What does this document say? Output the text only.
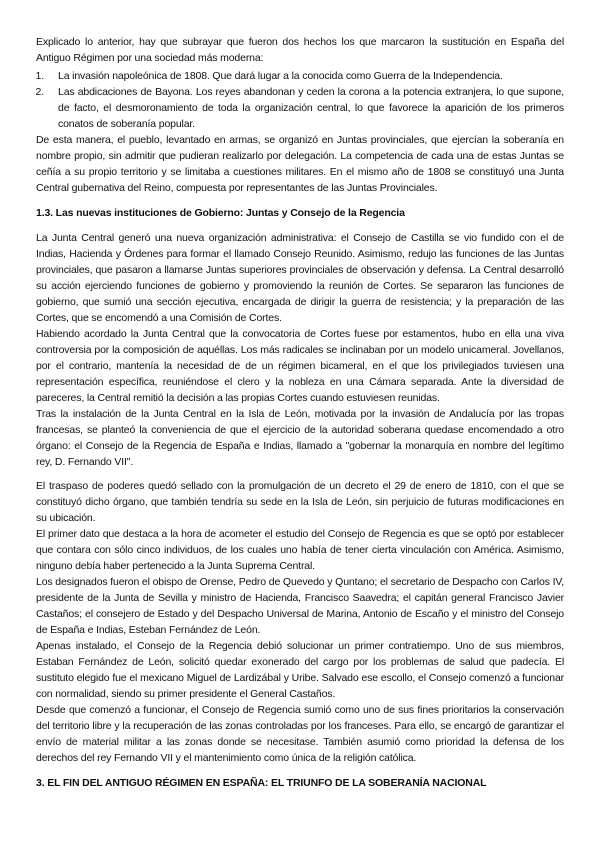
Explicado lo anterior, hay que subrayar que fueron dos hechos los que marcaron la sustitución en España del Antiguo Régimen por una sociedad más moderna:

1.	La invasión napoleónica de 1808. Que dará lugar a la conocida como Guerra de la Independencia.
2.	Las abdicaciones de Bayona. Los reyes abandonan y ceden la corona a la potencia extranjera, lo que supone, de facto, el desmoronamiento de toda la organización central, lo que favorece la aparición de los primeros conatos de soberanía popular.

De esta manera, el pueblo, levantado en armas, se organizó en Juntas provinciales, que ejercían la soberanía en nombre propio, sin admitir que pudieran realizarlo por delegación. La competencia de cada una de estas Juntas se ceñía a su propio territorio y se limitaba a cuestiones militares. En el mismo año de 1808 se constituyó una Junta Central gubernativa del Reino, compuesta por representantes de las Juntas Provinciales.

1.3. Las nuevas instituciones de Gobierno: Juntas y Consejo de la Regencia

La Junta Central generó una nueva organización administrativa: el Consejo de Castilla se vio fundido con el de Indias, Hacienda y Órdenes para formar el llamado Consejo Reunido. Asimismo, redujo las funciones de las Juntas provinciales, que pasaron a llamarse Juntas superiores provinciales de observación y defensa. La Central desarrolló su acción ejerciendo funciones de gobierno y promoviendo la reunión de Cortes. Se separaron las funciones de gobierno, que sumió una sección ejecutiva, encargada de dirigir la guerra de resistencia; y la preparación de las Cortes, que se encomendó a una Comisión de Cortes.

Habiendo acordado la Junta Central que la convocatoria de Cortes fuese por estamentos, hubo en ella una viva controversia por la composición de aquéllas. Los más radicales se inclinaban por un modelo unicameral. Jovellanos, por el contrario, mantenía la necesidad de de un régimen bicameral, en el que los privilegiados tuviesen una representación específica, reuniéndose el clero y la nobleza en una Cámara separada. Ante la diversidad de pareceres, la Central remitió la decisión a las propias Cortes cuando estuviesen reunidas.

Tras la instalación de la Junta Central en la Isla de León, motivada por la invasión de Andalucía por las tropas francesas, se planteó la conveniencia de que el ejercicio de la autoridad soberana quedase encomendado a otro órgano: el Consejo de la Regencia de España e Indias, llamado a "gobernar la monarquía en nombre del legítimo rey, D. Fernando VII".

El traspaso de poderes quedó sellado con la promulgación de un decreto el 29 de enero de 1810, con el que se constituyó dicho órgano, que también tendría su sede en la Isla de León, sin perjuicio de futuras modificaciones en su ubicación.

El primer dato que destaca a la hora de acometer el estudio del Consejo de Regencia es que se optó por establecer que contara con sólo cinco individuos, de los cuales uno había de tener cierta vinculación con América. Asimismo, ninguno debía haber pertenecido a la Junta Suprema Central.

Los designados fueron el obispo de Orense, Pedro de Quevedo y Quntano; el secretario de Despacho con Carlos IV, presidente de la Junta de Sevilla y ministro de Hacienda, Francisco Saavedra; el capitán general Francisco Javier Castaños; el consejero de Estado y del Despacho Universal de Marina, Antonio de Escaño y el ministro del Consejo de España e Indias, Esteban Fernández de León.

Apenas instalado, el Consejo de la Regencia debió solucionar un primer contratiempo. Uno de sus miembros, Estaban Fernández de León, solicitó quedar exonerado del cargo por los problemas de salud que padecía. El sustituto elegido fue el mexicano Miguel de Lardizábal y Uribe. Salvado ese escollo, el Consejo comenzó a funcionar con normalidad, siendo su primer presidente el General Castaños.

Desde que comenzó a funcionar, el Consejo de Regencia sumió como uno de sus fines prioritarios la conservación del territorio libre y la recuperación de las zonas controladas por los franceses. Para ello, se encargó de garantizar el envío de material militar a las zonas donde se necesitase. También asumió como prioridad la defensa de los derechos del rey Fernando VII y el mantenimiento como única de la religión católica.

3. EL FIN DEL ANTIGUO RÉGIMEN EN ESPAÑA: EL TRIUNFO DE LA SOBERANÍA NACIONAL
